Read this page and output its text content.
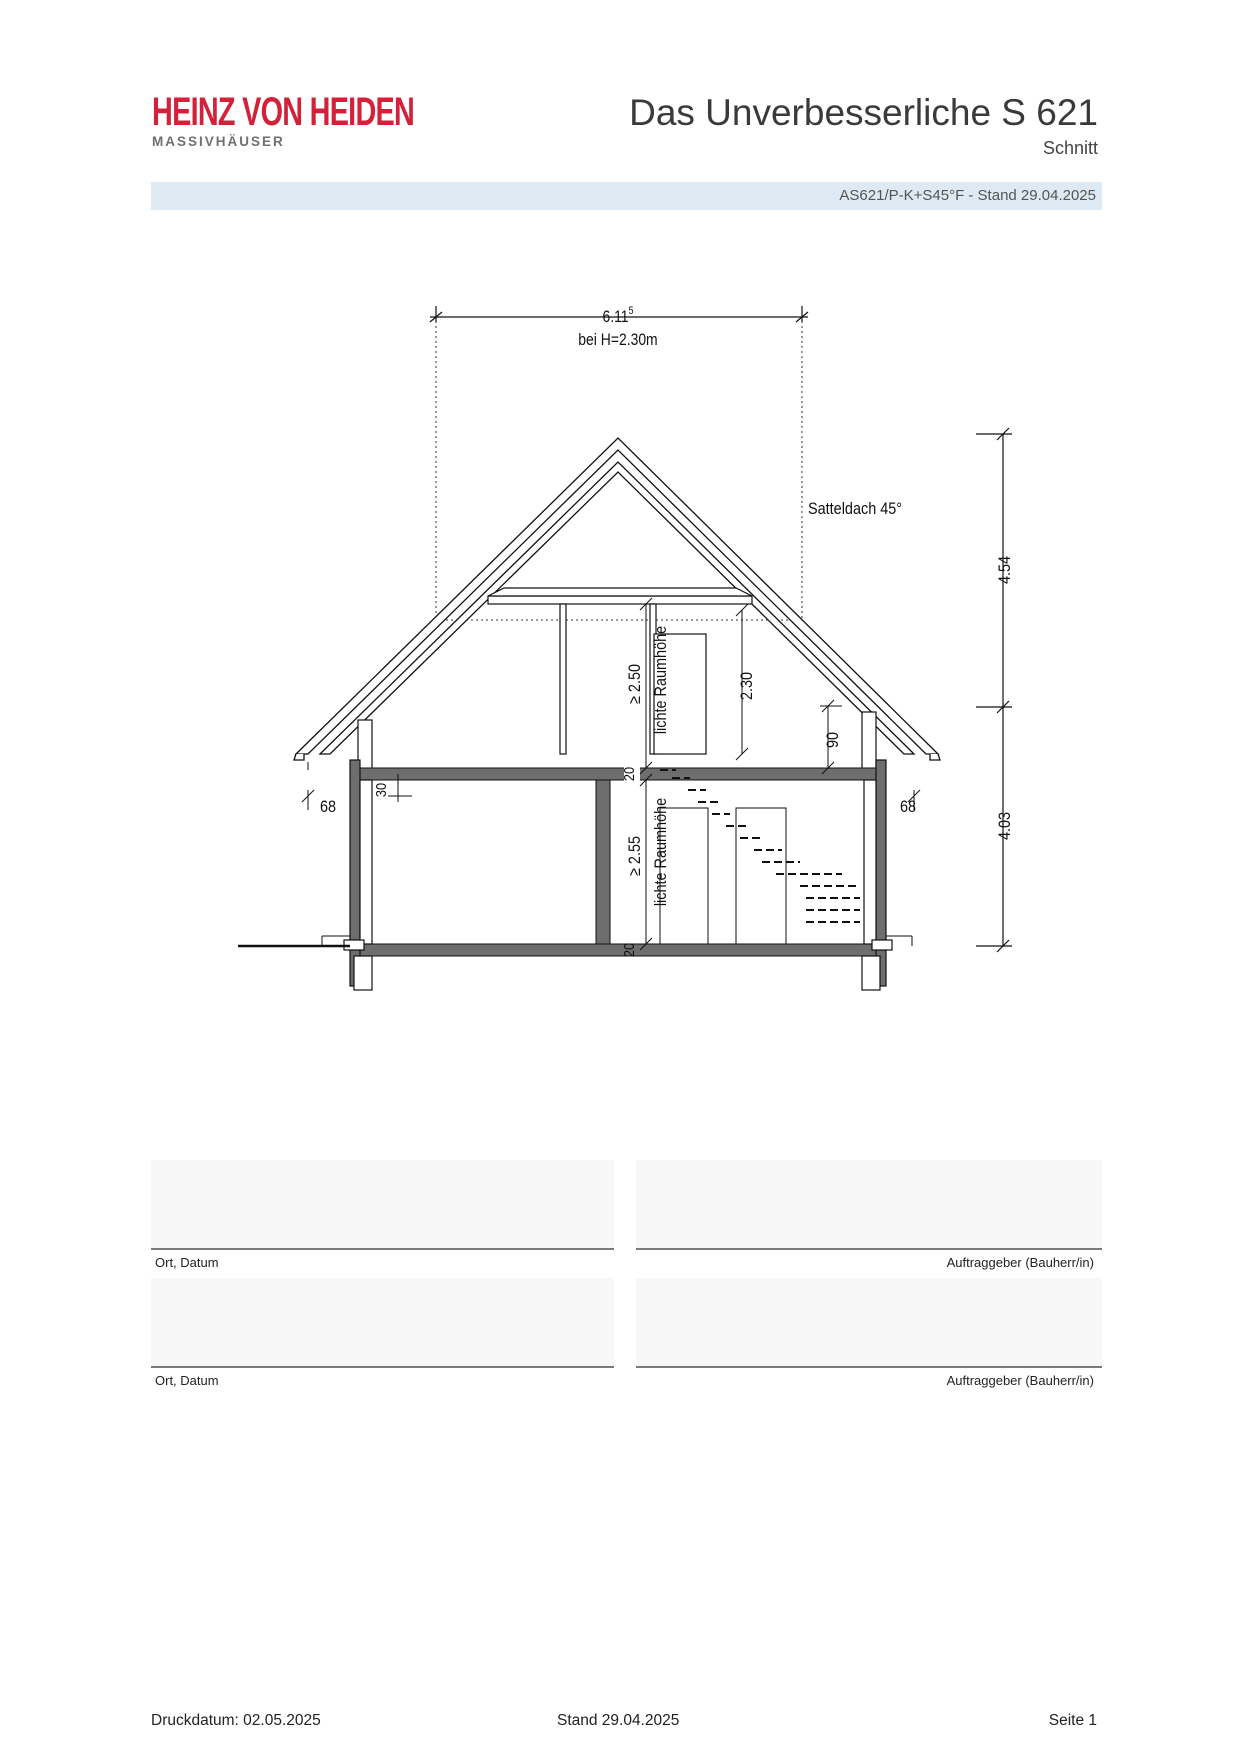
HEINZ VON HEIDEN
MASSIVHÄUSER
Das Unverbesserliche S 621
Schnitt
AS621/P-K+S45°F - Stand 29.04.2025
6.11$^5$
bei H=2.30m
Satteldach 45°
4.54
4.03
≥ 2.50 lichte Raumhöhe
≥ 2.55 lichte Raumhöhe
2.30
90
20
20
68	68
30
Ort, Datum	Auftraggeber (Bauherr/in)
Ort, Datum	Auftraggeber (Bauherr/in)
Druckdatum: 02.05.2025	Stand 29.04.2025	Seite 1
